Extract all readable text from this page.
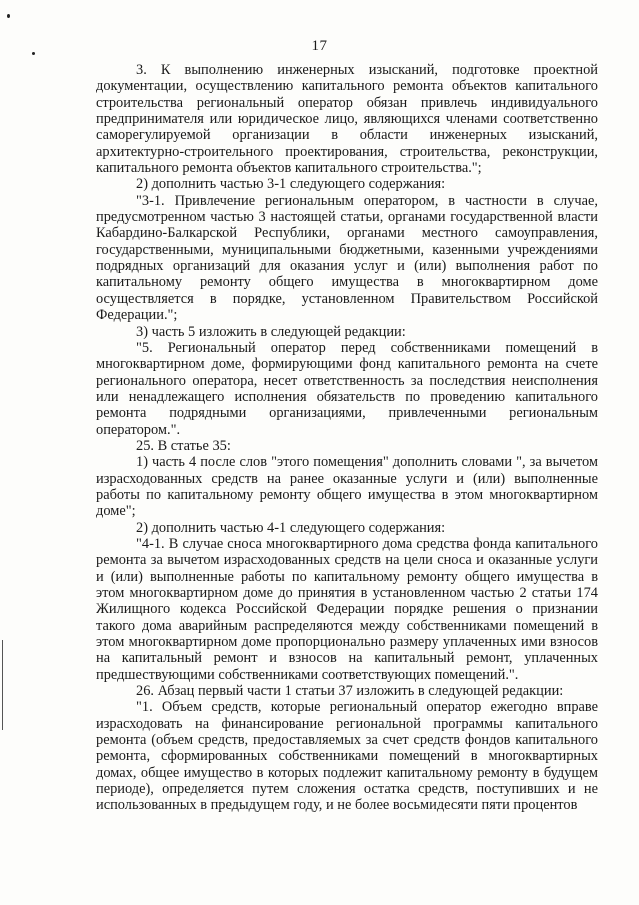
17

3. К выполнению инженерных изысканий, подготовке проектной документации, осуществлению капитального ремонта объектов капитального строительства региональный оператор обязан привлечь индивидуального предпринимателя или юридическое лицо, являющихся членами соответственно саморегулируемой организации в области инженерных изысканий, архитектурно-строительного проектирования, строительства, реконструкции, капитального ремонта объектов капитального строительства.";

2) дополнить частью 3-1 следующего содержания:

"3-1. Привлечение региональным оператором, в частности в случае, предусмотренном частью 3 настоящей статьи, органами государственной власти Кабардино-Балкарской Республики, органами местного самоуправления, государственными, муниципальными бюджетными, казенными учреждениями подрядных организаций для оказания услуг и (или) выполнения работ по капитальному ремонту общего имущества в многоквартирном доме осуществляется в порядке, установленном Правительством Российской Федерации.";

3) часть 5 изложить в следующей редакции:

"5. Региональный оператор перед собственниками помещений в многоквартирном доме, формирующими фонд капитального ремонта на счете регионального оператора, несет ответственность за последствия неисполнения или ненадлежащего исполнения обязательств по проведению капитального ремонта подрядными организациями, привлеченными региональным оператором.".

25. В статье 35:

1) часть 4 после слов "этого помещения" дополнить словами ", за вычетом израсходованных средств на ранее оказанные услуги и (или) выполненные работы по капитальному ремонту общего имущества в этом многоквартирном доме";

2) дополнить частью 4-1 следующего содержания:

"4-1. В случае сноса многоквартирного дома средства фонда капитального ремонта за вычетом израсходованных средств на цели сноса и оказанные услуги и (или) выполненные работы по капитальному ремонту общего имущества в этом многоквартирном доме до принятия в установленном частью 2 статьи 174 Жилищного кодекса Российской Федерации порядке решения о признании такого дома аварийным распределяются между собственниками помещений в этом многоквартирном доме пропорционально размеру уплаченных ими взносов на капитальный ремонт и взносов на капитальный ремонт, уплаченных предшествующими собственниками соответствующих помещений.".

26. Абзац первый части 1 статьи 37 изложить в следующей редакции:

"1. Объем средств, которые региональный оператор ежегодно вправе израсходовать на финансирование региональной программы капитального ремонта (объем средств, предоставляемых за счет средств фондов капитального ремонта, сформированных собственниками помещений в многоквартирных домах, общее имущество в которых подлежит капитальному ремонту в будущем периоде), определяется путем сложения остатка средств, поступивших и не использованных в предыдущем году, и не более восьмидесяти пяти процентов
